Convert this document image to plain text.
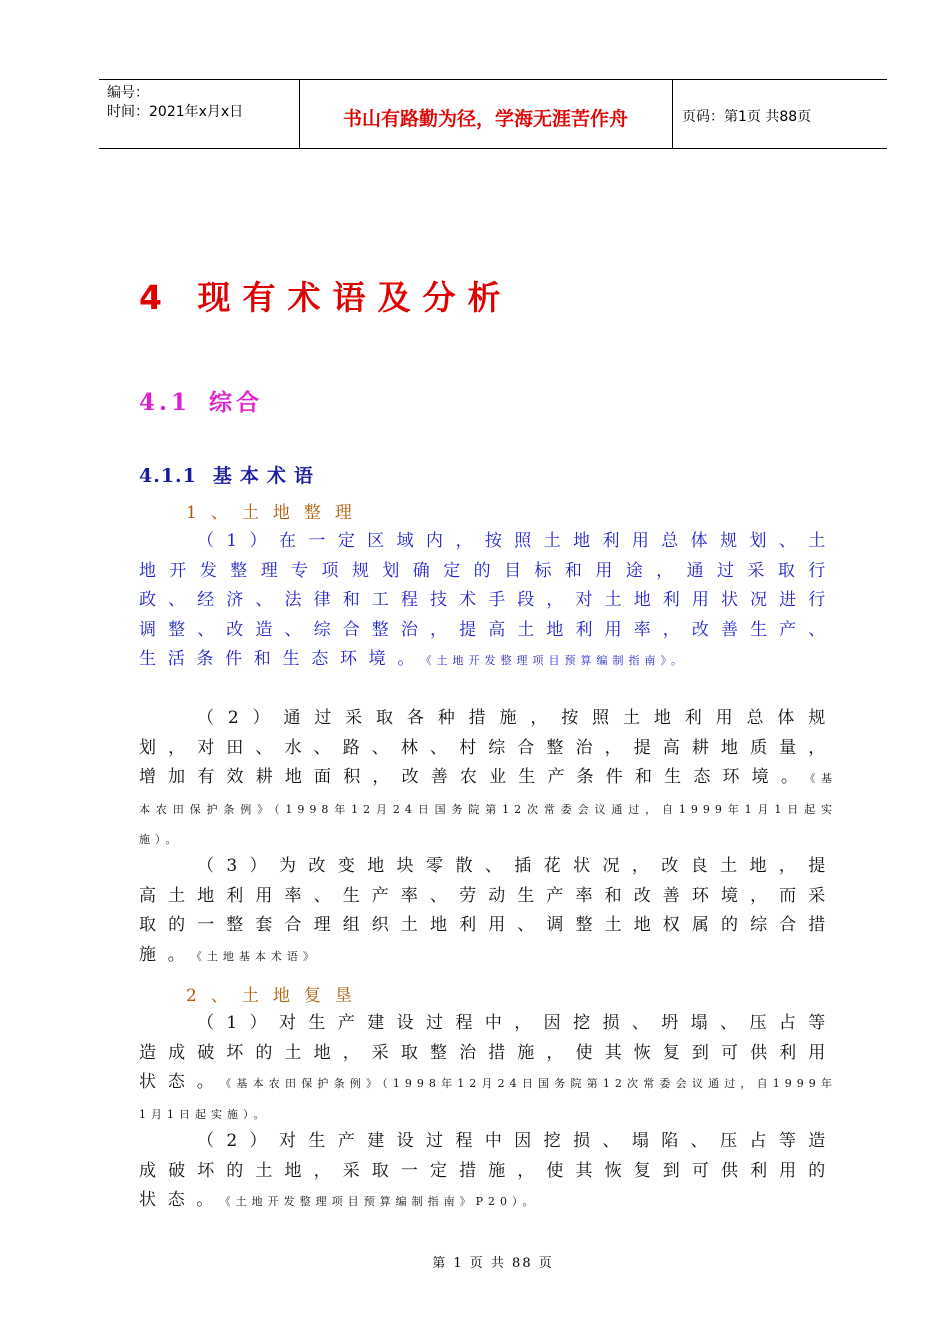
编号：
时间：2021年x月x日	书山有路勤为径，学海无涯苦作舟	页码：第1页 共88页
4 现有术语及分析
4.1 综合
4.1.1 基本术语
1、土地整理
（1）在一定区域内，按照土地利用总体规划、土地开发整理专项规划确定的目标和用途，通过采取行政、经济、法律和工程技术手段，对土地利用状况进行调整、改造、综合整治，提高土地利用率，改善生产、生活条件和生态环境。《土地开发整理项目预算编制指南》。
（2）通过采取各种措施，按照土地利用总体规划，对田、水、路、林、村综合整治，提高耕地质量，增加有效耕地面积，改善农业生产条件和生态环境。《基本农田保护条例》（1998年12月24日国务院第12次常委会议通过，自1999年1月1日起实施）。
（3）为改变地块零散、插花状况，改良土地，提高土地利用率、生产率、劳动生产率和改善环境，而采取的一整套合理组织土地利用、调整土地权属的综合措施。《土地基本术语》
2、土地复垦
（1）对生产建设过程中，因挖损、坍塌、压占等造成破坏的土地，采取整治措施，使其恢复到可供利用状态。《基本农田保护条例》（1998年12月24日国务院第12次常委会议通过，自1999年1月1日起实施）。
（2）对生产建设过程中因挖损、塌陷、压占等造成破坏的土地，采取一定措施，使其恢复到可供利用的状态。《土地开发整理项目预算编制指南》P20）。
第 1 页 共 88 页
